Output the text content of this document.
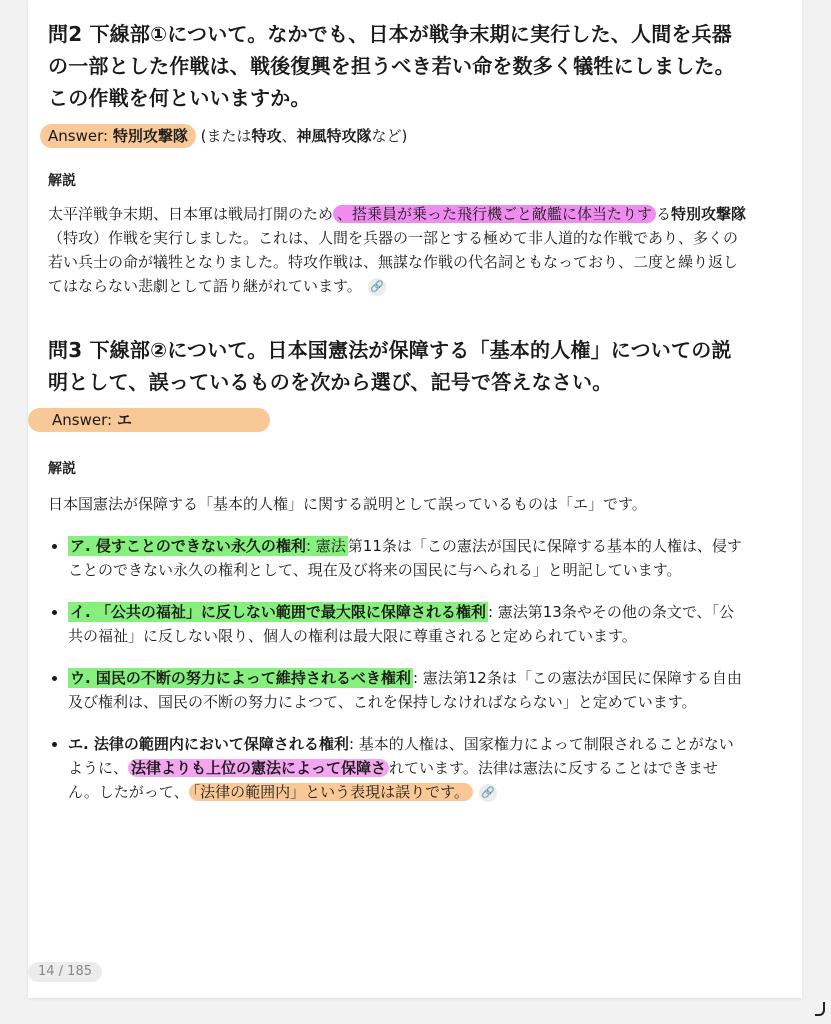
問2 下線部①について。なかでも、日本が戦争末期に実行した、人間を兵器の一部とした作戦は、戦後復興を担うべき若い命を数多く犠牲にしました。この作戦を何といいますか。

Answer: 特別攻撃隊 (または特攻、神風特攻隊など)

解説

太平洋戦争末期、日本軍は戦局打開のため 、搭乗員が乗った飛行機ごと敵艦に体当たりす る特別攻撃隊（特攻）作戦を実行しました。これは、人間を兵器の一部とする極めて非人道的な作戦であり、多くの若い兵士の命が犠牲となりました。特攻作戦は、無謀な作戦の代名詞ともなっており、二度と繰り返してはならない悲劇として語り継がれています。 🔗

問3 下線部②について。日本国憲法が保障する「基本的人権」についての説明として、誤っているものを次から選び、記号で答えなさい。

Answer: エ

解説

日本国憲法が保障する「基本的人権」に関する説明として誤っているものは「エ」です。

• ア. 侵すことのできない永久の権利: 憲法 第11条は「この憲法が国民に保障する基本的人権は、侵すことのできない永久の権利として、現在及び将来の国民に与へられる」と明記しています。
• イ. 「公共の福祉」に反しない範囲で最大限に保障される権利 : 憲法第13条やその他の条文で、「公共の福祉」に反しない限り、個人の権利は最大限に尊重されると定められています。
• ウ. 国民の不断の努力によって維持されるべき権利 : 憲法第12条は「この憲法が国民に保障する自由及び権利は、国民の不断の努力によつて、これを保持しなければならない」と定めています。
• エ. 法律の範囲内において保障される権利: 基本的人権は、国家権力によって制限されることがないように、 法律よりも上位の憲法によって保障さ れています。法律は憲法に反することはできません。したがって、 「法律の範囲内」という表現は誤りです。 🔗
14 / 185
